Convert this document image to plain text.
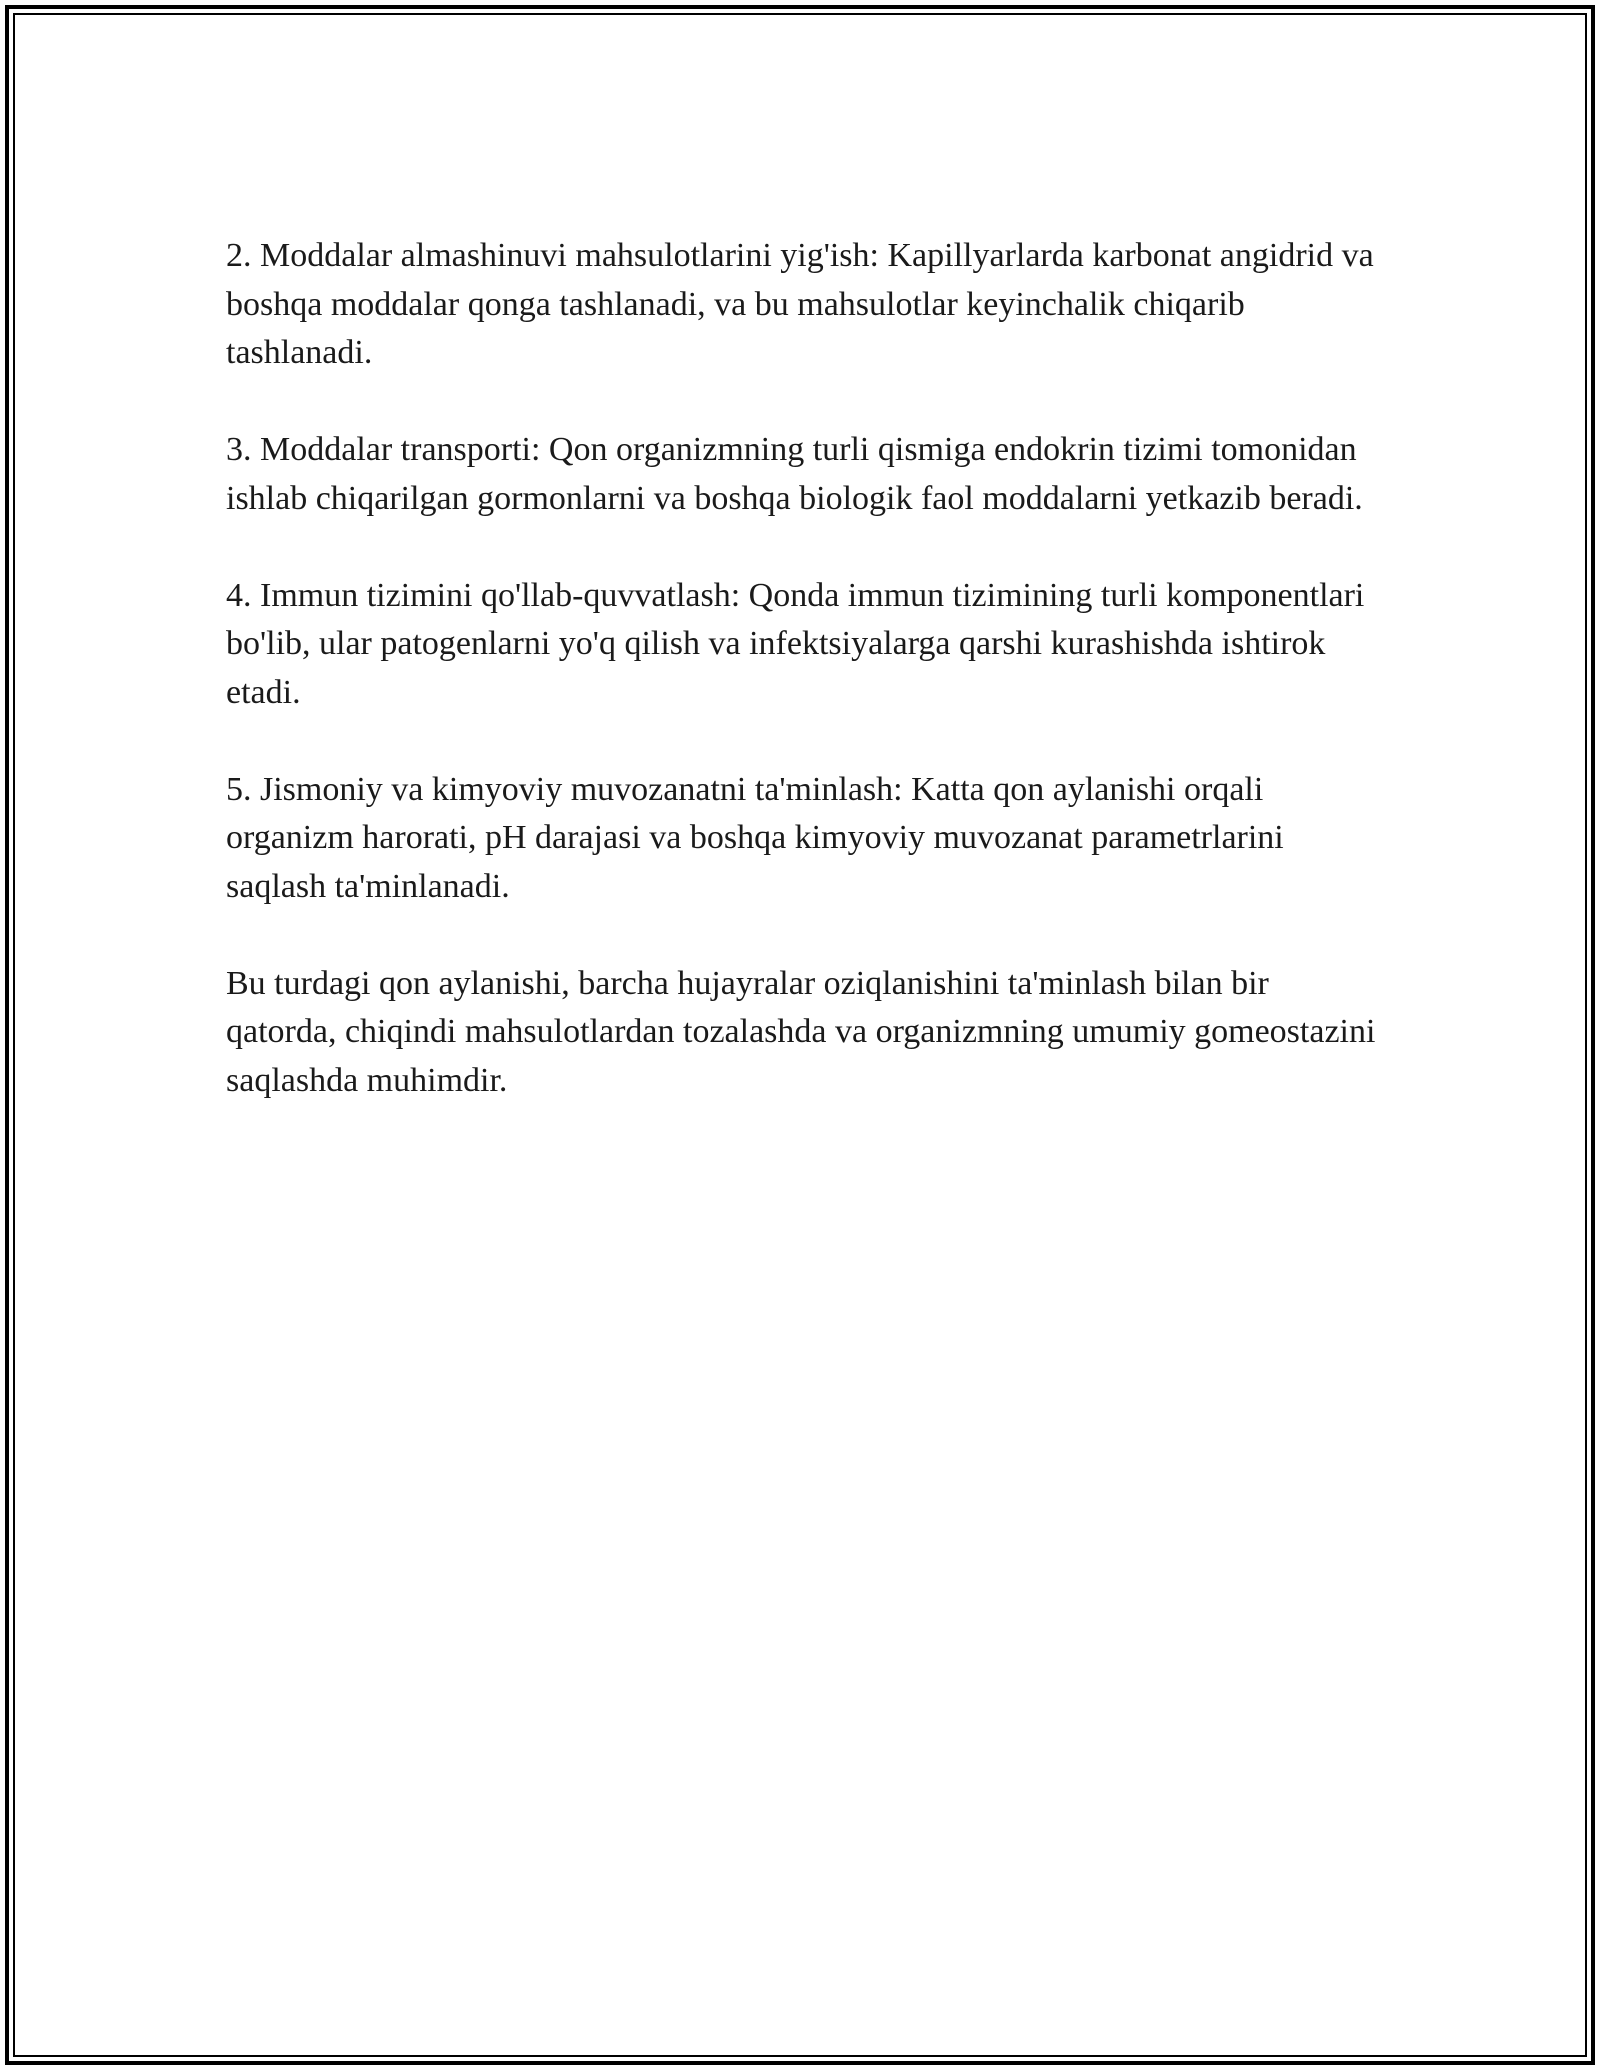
2. Moddalar almashinuvi mahsulotlarini yig'ish: Kapillyarlarda karbonat angidrid va boshqa moddalar qonga tashlanadi, va bu mahsulotlar keyinchalik chiqarib tashlanadi.

3. Moddalar transporti: Qon organizmning turli qismiga endokrin tizimi tomonidan ishlab chiqarilgan gormonlarni va boshqa biologik faol moddalarni yetkazib beradi.

4. Immun tizimini qo'llab-quvvatlash: Qonda immun tizimining turli komponentlari bo'lib, ular patogenlarni yo'q qilish va infektsiyalarga qarshi kurashishda ishtirok etadi.

5. Jismoniy va kimyoviy muvozanatni ta'minlash: Katta qon aylanishi orqali organizm harorati, pH darajasi va boshqa kimyoviy muvozanat parametrlarini saqlash ta'minlanadi.

Bu turdagi qon aylanishi, barcha hujayralar oziqlanishini ta'minlash bilan bir qatorda, chiqindi mahsulotlardan tozalashda va organizmning umumiy gomeostazini saqlashda muhimdir.
